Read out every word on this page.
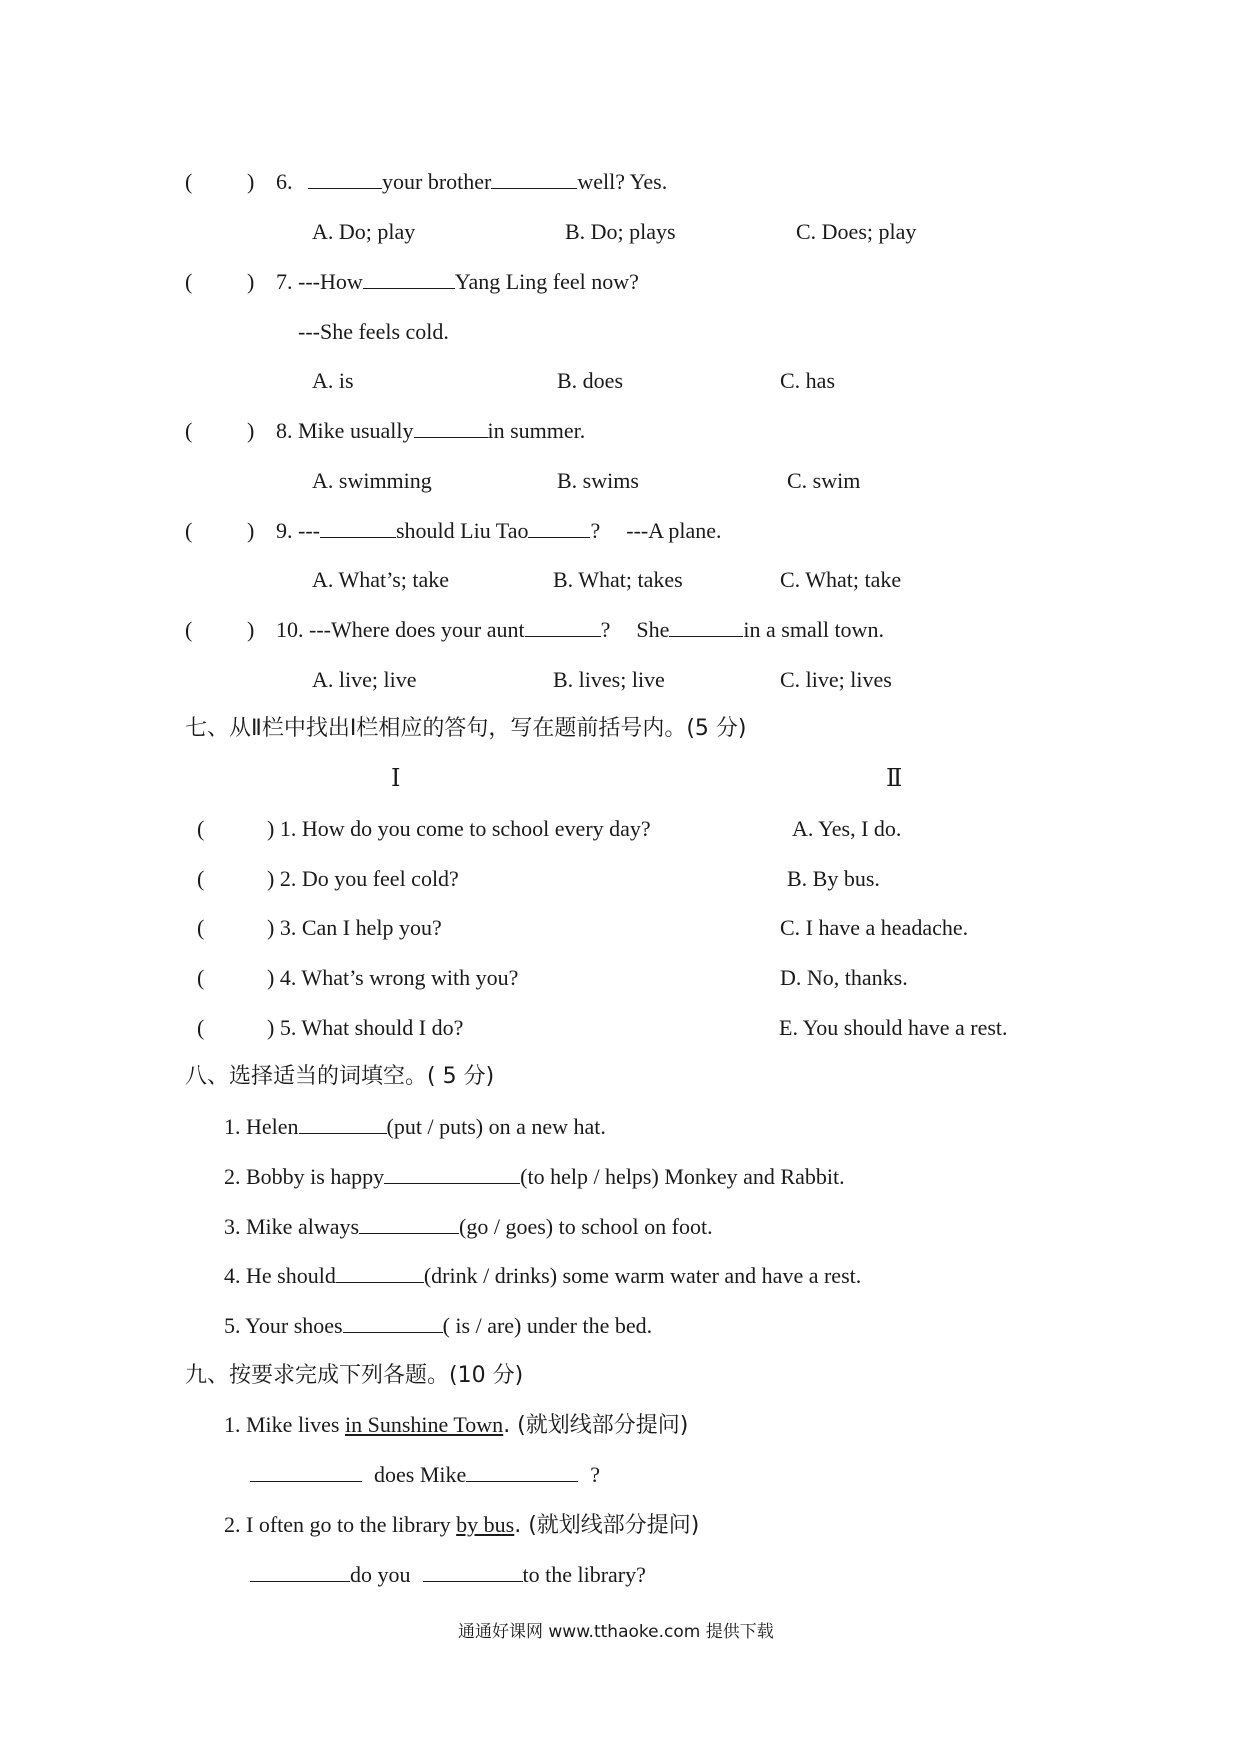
( ) 6.	your brother	well? Yes.
A. Do; play	B. Do; plays	C. Does; play
( ) 7. ---How	Yang Ling feel now?
---She feels cold.
A. is	B. does	C. has
( ) 8. Mike usually	in summer.
A. swimming	B. swims	C. swim
( ) 9. ---	should Liu Tao	? ---A plane.
A. What’s; take	B. What; takes	C. What; take
( ) 10. ---Where does your aunt	? She	in a small town.
A. live; live	B. lives; live	C. live; lives
七、从Ⅱ栏中找出Ⅰ栏相应的答句，写在题前括号内。(5 分)
Ⅰ	Ⅱ
(	) 1. How do you come to school every day?	A. Yes, I do.
(	) 2. Do you feel cold?	B. By bus.
(	) 3. Can I help you?	C. I have a headache.
(	) 4. What’s wrong with you?	D. No, thanks.
(	) 5. What should I do?	E. You should have a rest.
八、选择适当的词填空。( 5 分)
1. Helen	(put / puts) on a new hat.
2. Bobby is happy	(to help / helps) Monkey and Rabbit.
3. Mike always	(go / goes) to school on foot.
4. He should	(drink / drinks) some warm water and have a rest.
5. Your shoes	( is / are) under the bed.
九、按要求完成下列各题。(10 分)
1. Mike lives in Sunshine Town. (就划线部分提问)
does Mike	?
2. I often go to the library by bus. (就划线部分提问)
do you	to the library?
通通好课网 www.tthaoke.com 提供下载
